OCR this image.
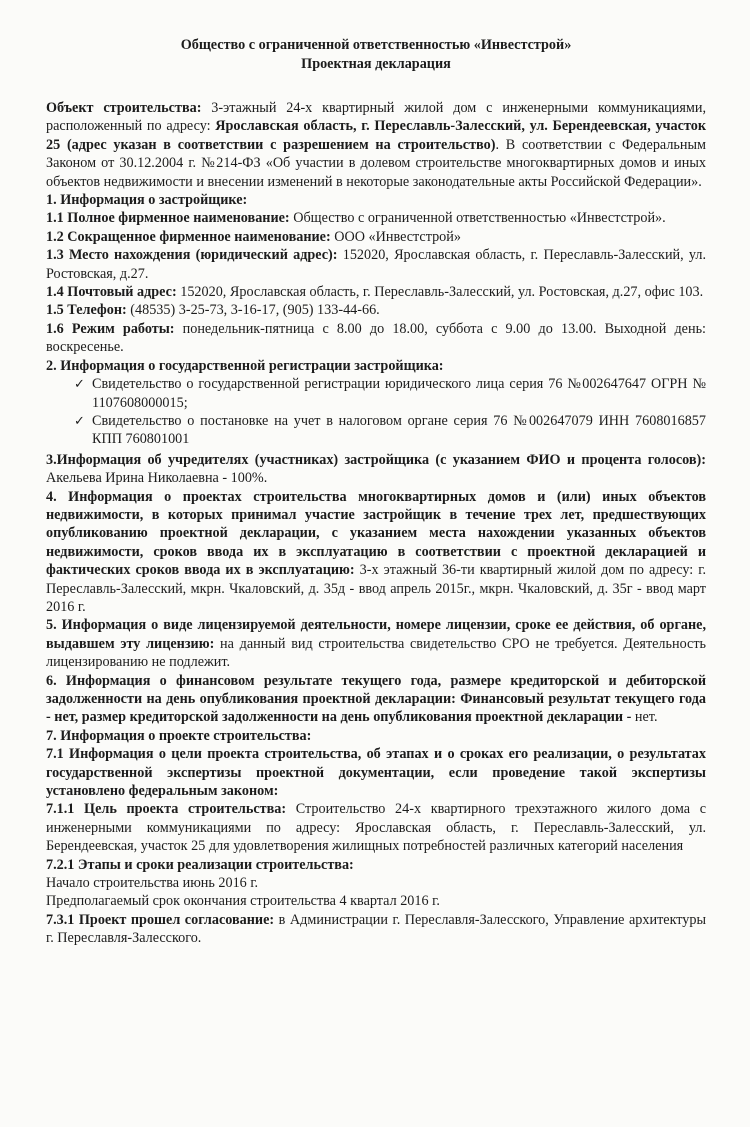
Общество с ограниченной ответственностью «Инвестстрой»

Проектная декларация

Объект строительства: 3-этажный 24-х квартирный жилой дом с инженерными коммуникациями, расположенный по адресу: Ярославская область, г. Переславль-Залесский, ул. Берендеевская, участок 25 (адрес указан в соответствии с разрешением на строительство). В соответствии с Федеральным Законом от 30.12.2004 г. №214-ФЗ «Об участии в долевом строительстве многоквартирных домов и иных объектов недвижимости и внесении изменений в некоторые законодательные акты Российской Федерации».

1. Информация о застройщике:

1.1 Полное фирменное наименование: Общество с ограниченной ответственностью «Инвестстрой».

1.2 Сокращенное фирменное наименование: ООО «Инвестстрой»

1.3 Место нахождения (юридический адрес): 152020, Ярославская область, г. Переславль-Залесский, ул. Ростовская, д.27.

1.4 Почтовый адрес: 152020, Ярославская область, г. Переславль-Залесский, ул. Ростовская, д.27, офис 103.

1.5 Телефон: (48535) 3-25-73, 3-16-17, (905) 133-44-66.

1.6 Режим работы: понедельник-пятница с 8.00 до 18.00, суббота с 9.00 до 13.00. Выходной день: воскресенье.

2. Информация о государственной регистрации застройщика:

✓ Свидетельство о государственной регистрации юридического лица серия 76 №002647647 ОГРН № 1107608000015;
✓ Свидетельство о постановке на учет в налоговом органе серия 76 №002647079 ИНН 7608016857 КПП 760801001

3.Информация об учредителях (участниках) застройщика (с указанием ФИО и процента голосов): Акельева Ирина Николаевна - 100%.

4. Информация о проектах строительства многоквартирных домов и (или) иных объектов недвижимости, в которых принимал участие застройщик в течение трех лет, предшествующих опубликованию проектной декларации, с указанием места нахождении указанных объектов недвижимости, сроков ввода их в эксплуатацию в соответствии с проектной декларацией и фактических сроков ввода их в эксплуатацию: 3-х этажный 36-ти квартирный жилой дом по адресу: г. Переславль-Залесский, мкрн. Чкаловский, д. 35д - ввод апрель 2015г., мкрн. Чкаловский, д. 35г - ввод март 2016 г.

5. Информация о виде лицензируемой деятельности, номере лицензии, сроке ее действия, об органе, выдавшем эту лицензию: на данный вид строительства свидетельство СРО не требуется. Деятельность лицензированию не подлежит.

6. Информация о финансовом результате текущего года, размере кредиторской и дебиторской задолженности на день опубликования проектной декларации: Финансовый результат текущего года - нет, размер кредиторской задолженности на день опубликования проектной декларации - нет.

7. Информация о проекте строительства:

7.1 Информация о цели проекта строительства, об этапах и о сроках его реализации, о результатах государственной экспертизы проектной документации, если проведение такой экспертизы установлено федеральным законом:

7.1.1 Цель проекта строительства: Строительство 24-х квартирного трехэтажного жилого дома с инженерными коммуникациями по адресу: Ярославская область, г. Переславль-Залесский, ул. Берендеевская, участок 25 для удовлетворения жилищных потребностей различных категорий населения

7.2.1 Этапы и сроки реализации строительства:

Начало строительства июнь 2016 г.

Предполагаемый срок окончания строительства 4 квартал 2016 г.

7.3.1 Проект прошел согласование: в Администрации г. Переславля-Залесского, Управление архитектуры г. Переславля-Залесского.
